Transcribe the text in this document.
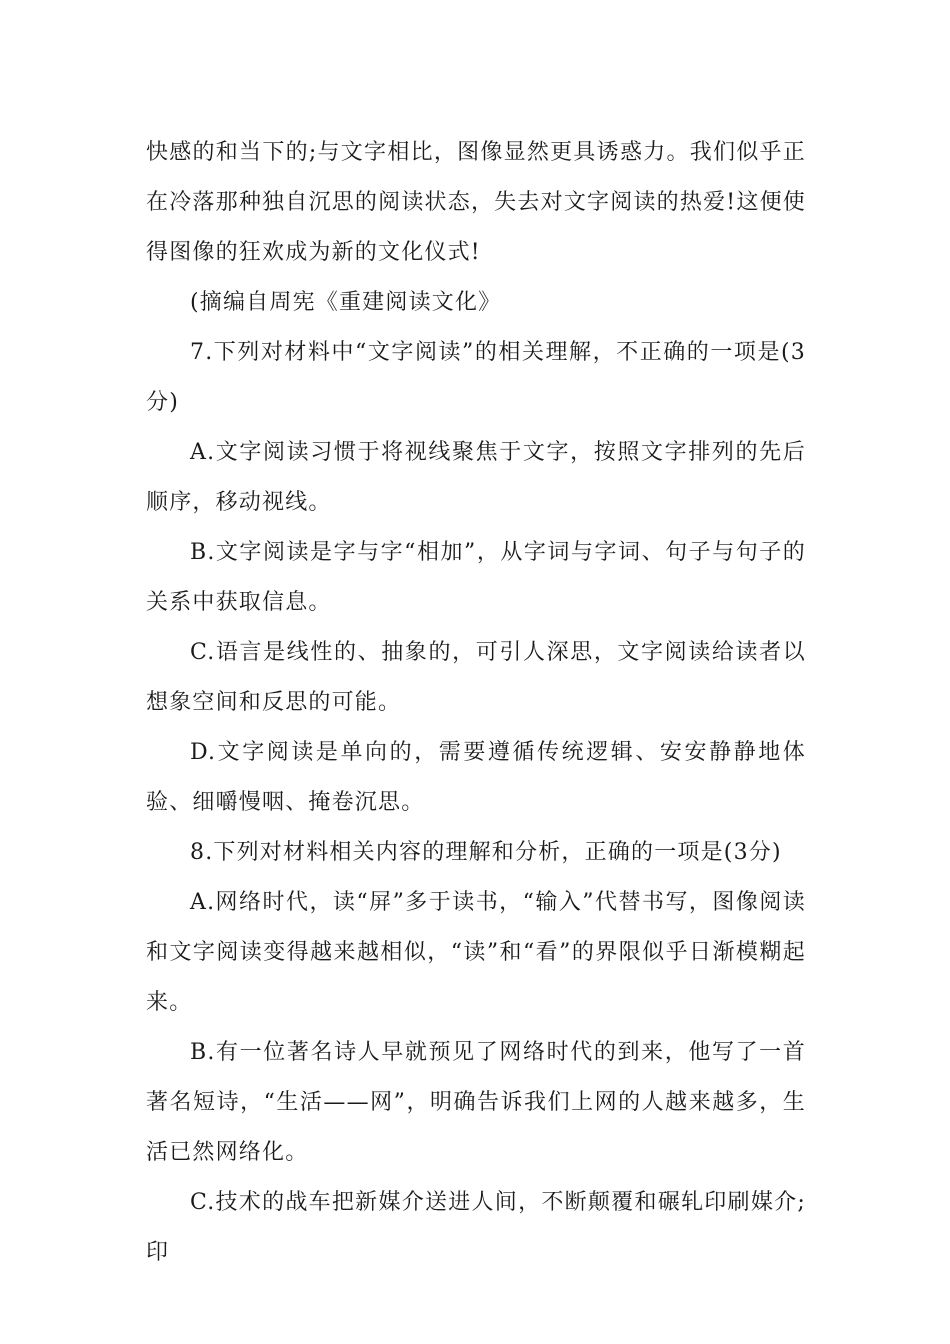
快感的和当下的;与文字相比，图像显然更具诱惑力。我们似乎正在冷落那种独自沉思的阅读状态，失去对文字阅读的热爱!这便使得图像的狂欢成为新的文化仪式!

(摘编自周宪《重建阅读文化》

7.下列对材料中“文字阅读”的相关理解，不正确的一项是(3分)

A.文字阅读习惯于将视线聚焦于文字，按照文字排列的先后顺序，移动视线。

B.文字阅读是字与字“相加”，从字词与字词、句子与句子的关系中获取信息。

C.语言是线性的、抽象的，可引人深思，文字阅读给读者以想象空间和反思的可能。

D.文字阅读是单向的，需要遵循传统逻辑、安安静静地体验、细嚼慢咽、掩卷沉思。

8.下列对材料相关内容的理解和分析，正确的一项是(3分)

A.网络时代，读“屏”多于读书，“输入”代替书写，图像阅读和文字阅读变得越来越相似，“读”和“看”的界限似乎日渐模糊起来。

B.有一位著名诗人早就预见了网络时代的到来，他写了一首著名短诗，“生活——网”，明确告诉我们上网的人越来越多，生活已然网络化。

C.技术的战车把新媒介送进人间，不断颠覆和碾轧印刷媒介;印
